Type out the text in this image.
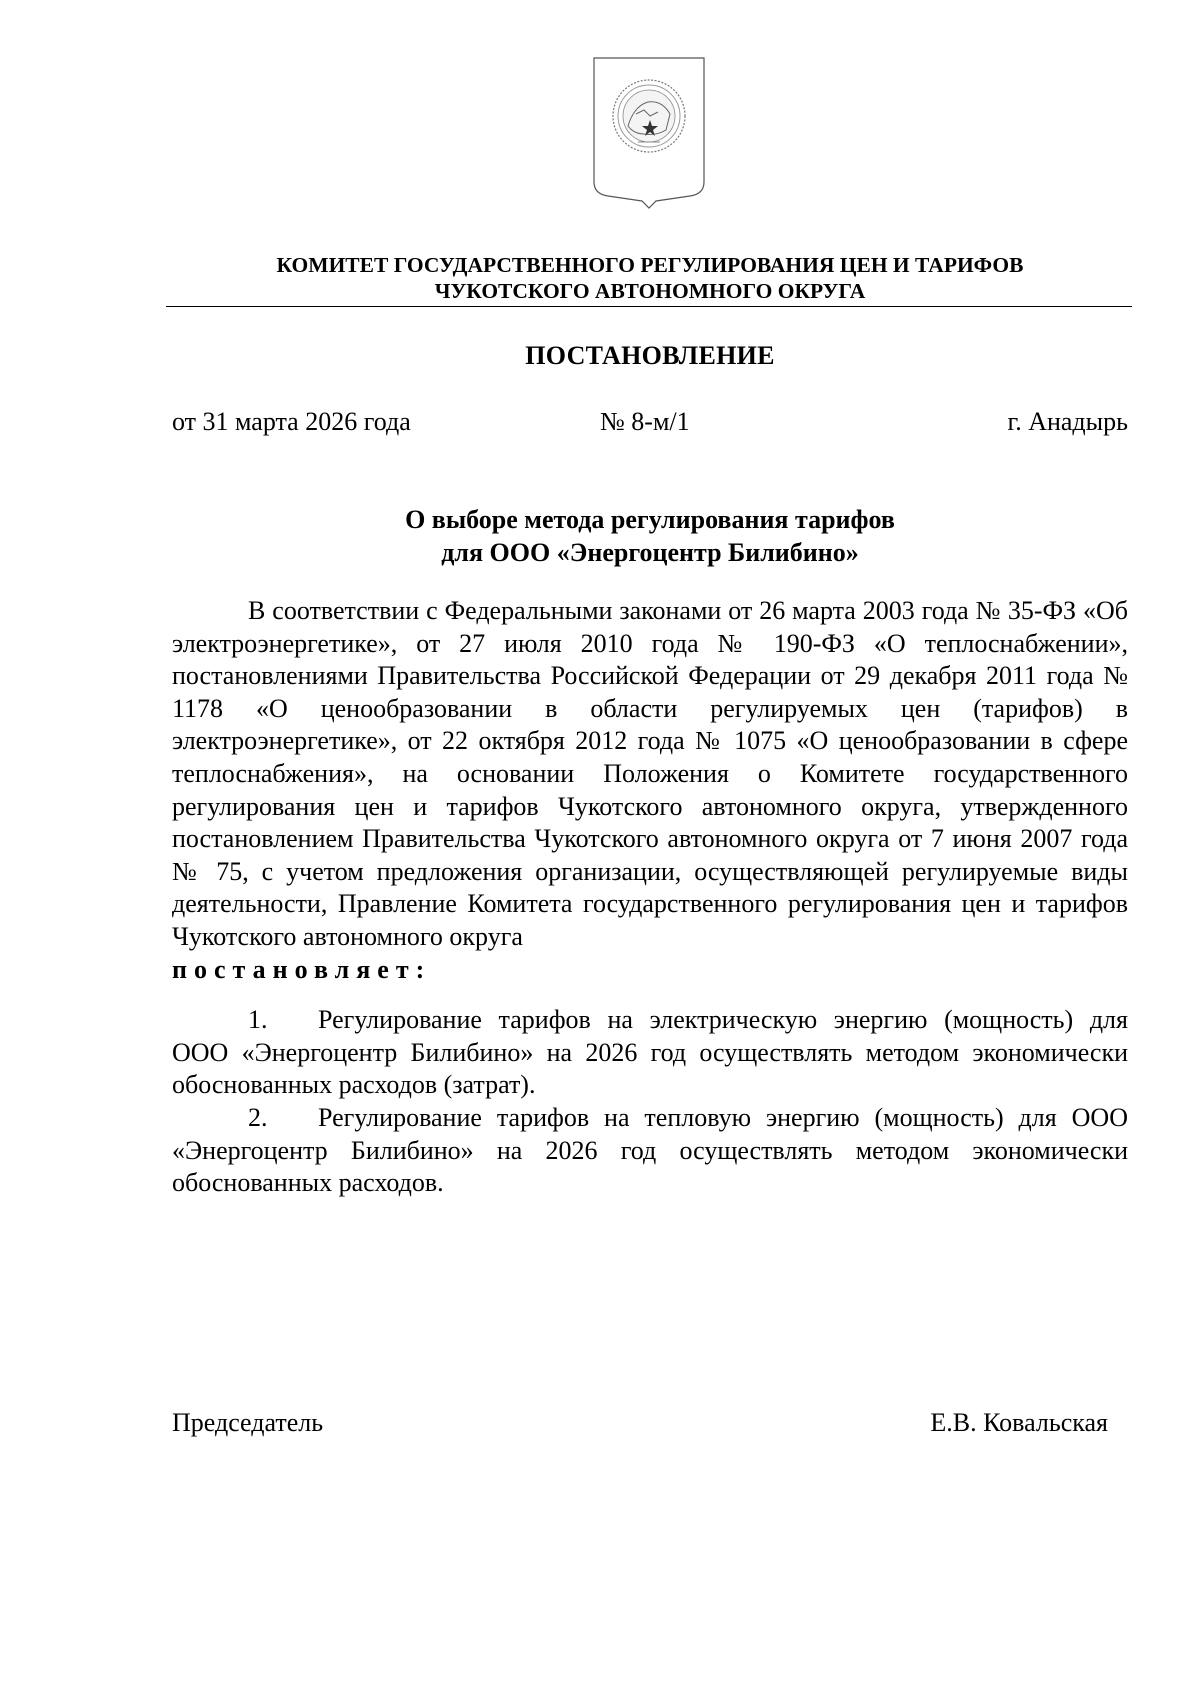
КОМИТЕТ ГОСУДАРСТВЕННОГО РЕГУЛИРОВАНИЯ ЦЕН И ТАРИФОВ
ЧУКОТСКОГО АВТОНОМНОГО ОКРУГА
ПОСТАНОВЛЕНИЕ
от 31 марта 2026 года	№ 8-м/1	г. Анадырь
О выборе метода регулирования тарифов
для ООО «Энергоцентр Билибино»

В соответствии с Федеральными законами от 26 марта 2003 года № 35-ФЗ «Об электроэнергетике», от 27 июля 2010 года № 190-ФЗ «О теплоснабжении», постановлениями Правительства Российской Федерации от 29 декабря 2011 года № 1178 «О ценообразовании в области регулируемых цен (тарифов) в электроэнергетике», от 22 октября 2012 года № 1075 «О ценообразовании в сфере теплоснабжения», на основании Положения о Комитете государственного регулирования цен и тарифов Чукотского автономного округа, утвержденного постановлением Правительства Чукотского автономного округа от 7 июня 2007 года № 75, с учетом предложения организации, осуществляющей регулируемые виды деятельности, Правление Комитета государственного регулирования цен и тарифов Чукотского автономного округа

постановляет:

1. Регулирование тарифов на электрическую энергию (мощность) для ООО «Энергоцентр Билибино» на 2026 год осуществлять методом экономически обоснованных расходов (затрат).

2. Регулирование тарифов на тепловую энергию (мощность) для ООО «Энергоцентр Билибино» на 2026 год осуществлять методом экономически обоснованных расходов.

Председатель	Е.В. Ковальская
